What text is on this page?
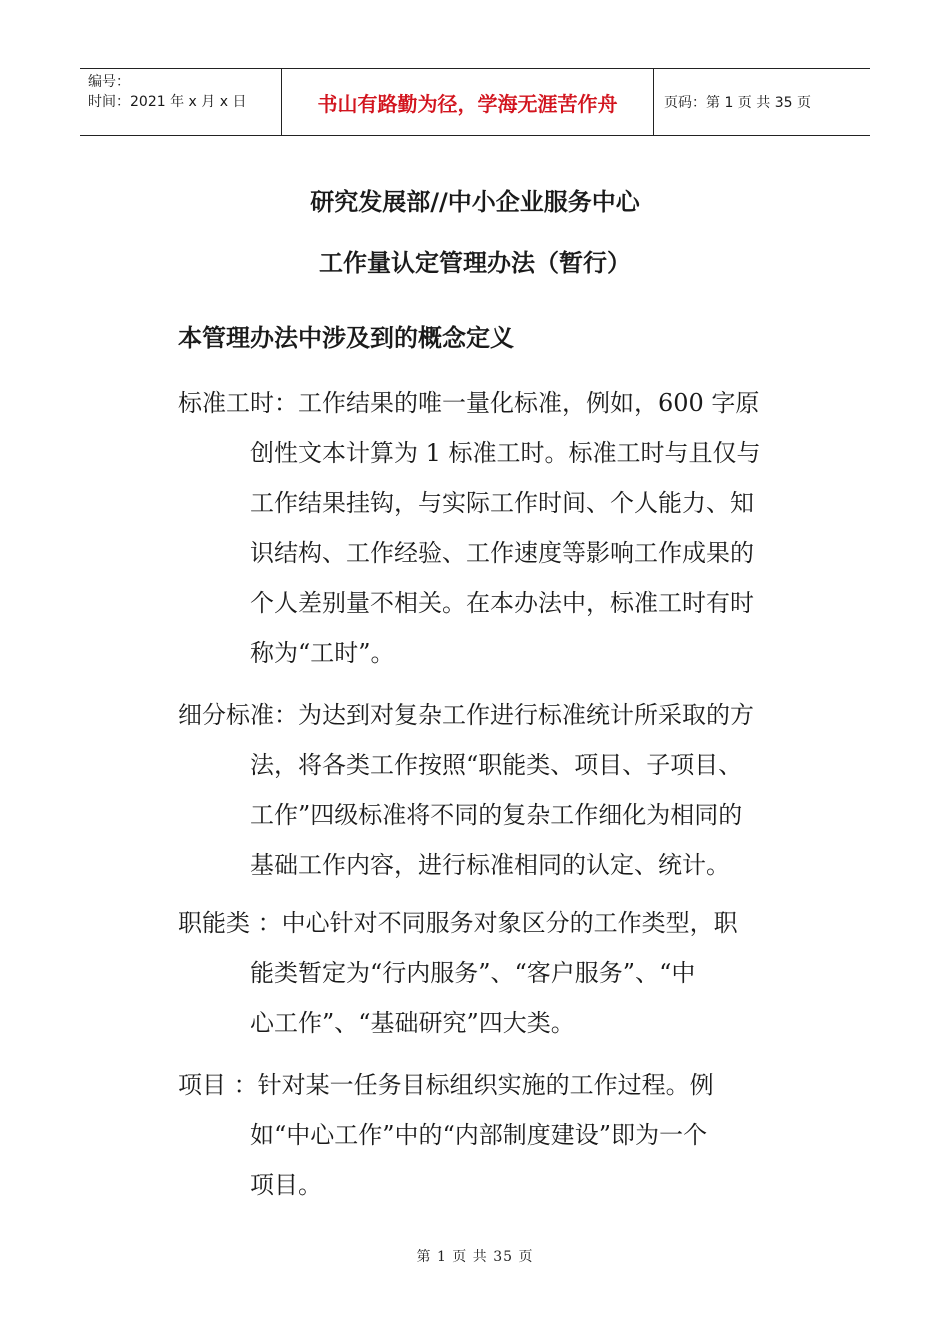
编号：
时间：2021 年 x 月 x 日	书山有路勤为径，学海无涯苦作舟	页码：第 1 页 共 35 页
研究发展部//中小企业服务中心
工作量认定管理办法（暂行）
本管理办法中涉及到的概念定义
标准工时：工作结果的唯一量化标准，例如，600 字原
创性文本计算为 1 标准工时。标准工时与且仅与
工作结果挂钩，与实际工作时间、个人能力、知
识结构、工作经验、工作速度等影响工作成果的
个人差别量不相关。在本办法中，标准工时有时
称为“工时”。
细分标准：为达到对复杂工作进行标准统计所采取的方
法，将各类工作按照“职能类、项目、子项目、
工作”四级标准将不同的复杂工作细化为相同的
基础工作内容，进行标准相同的认定、统计。
职能类 ：中心针对不同服务对象区分的工作类型，职
能类暂定为“行内服务”、“客户服务”、“中
心工作”、“基础研究”四大类。
项目 ：针对某一任务目标组织实施的工作过程。例
如“中心工作”中的“内部制度建设”即为一个
项目。
第 1 页 共 35 页
